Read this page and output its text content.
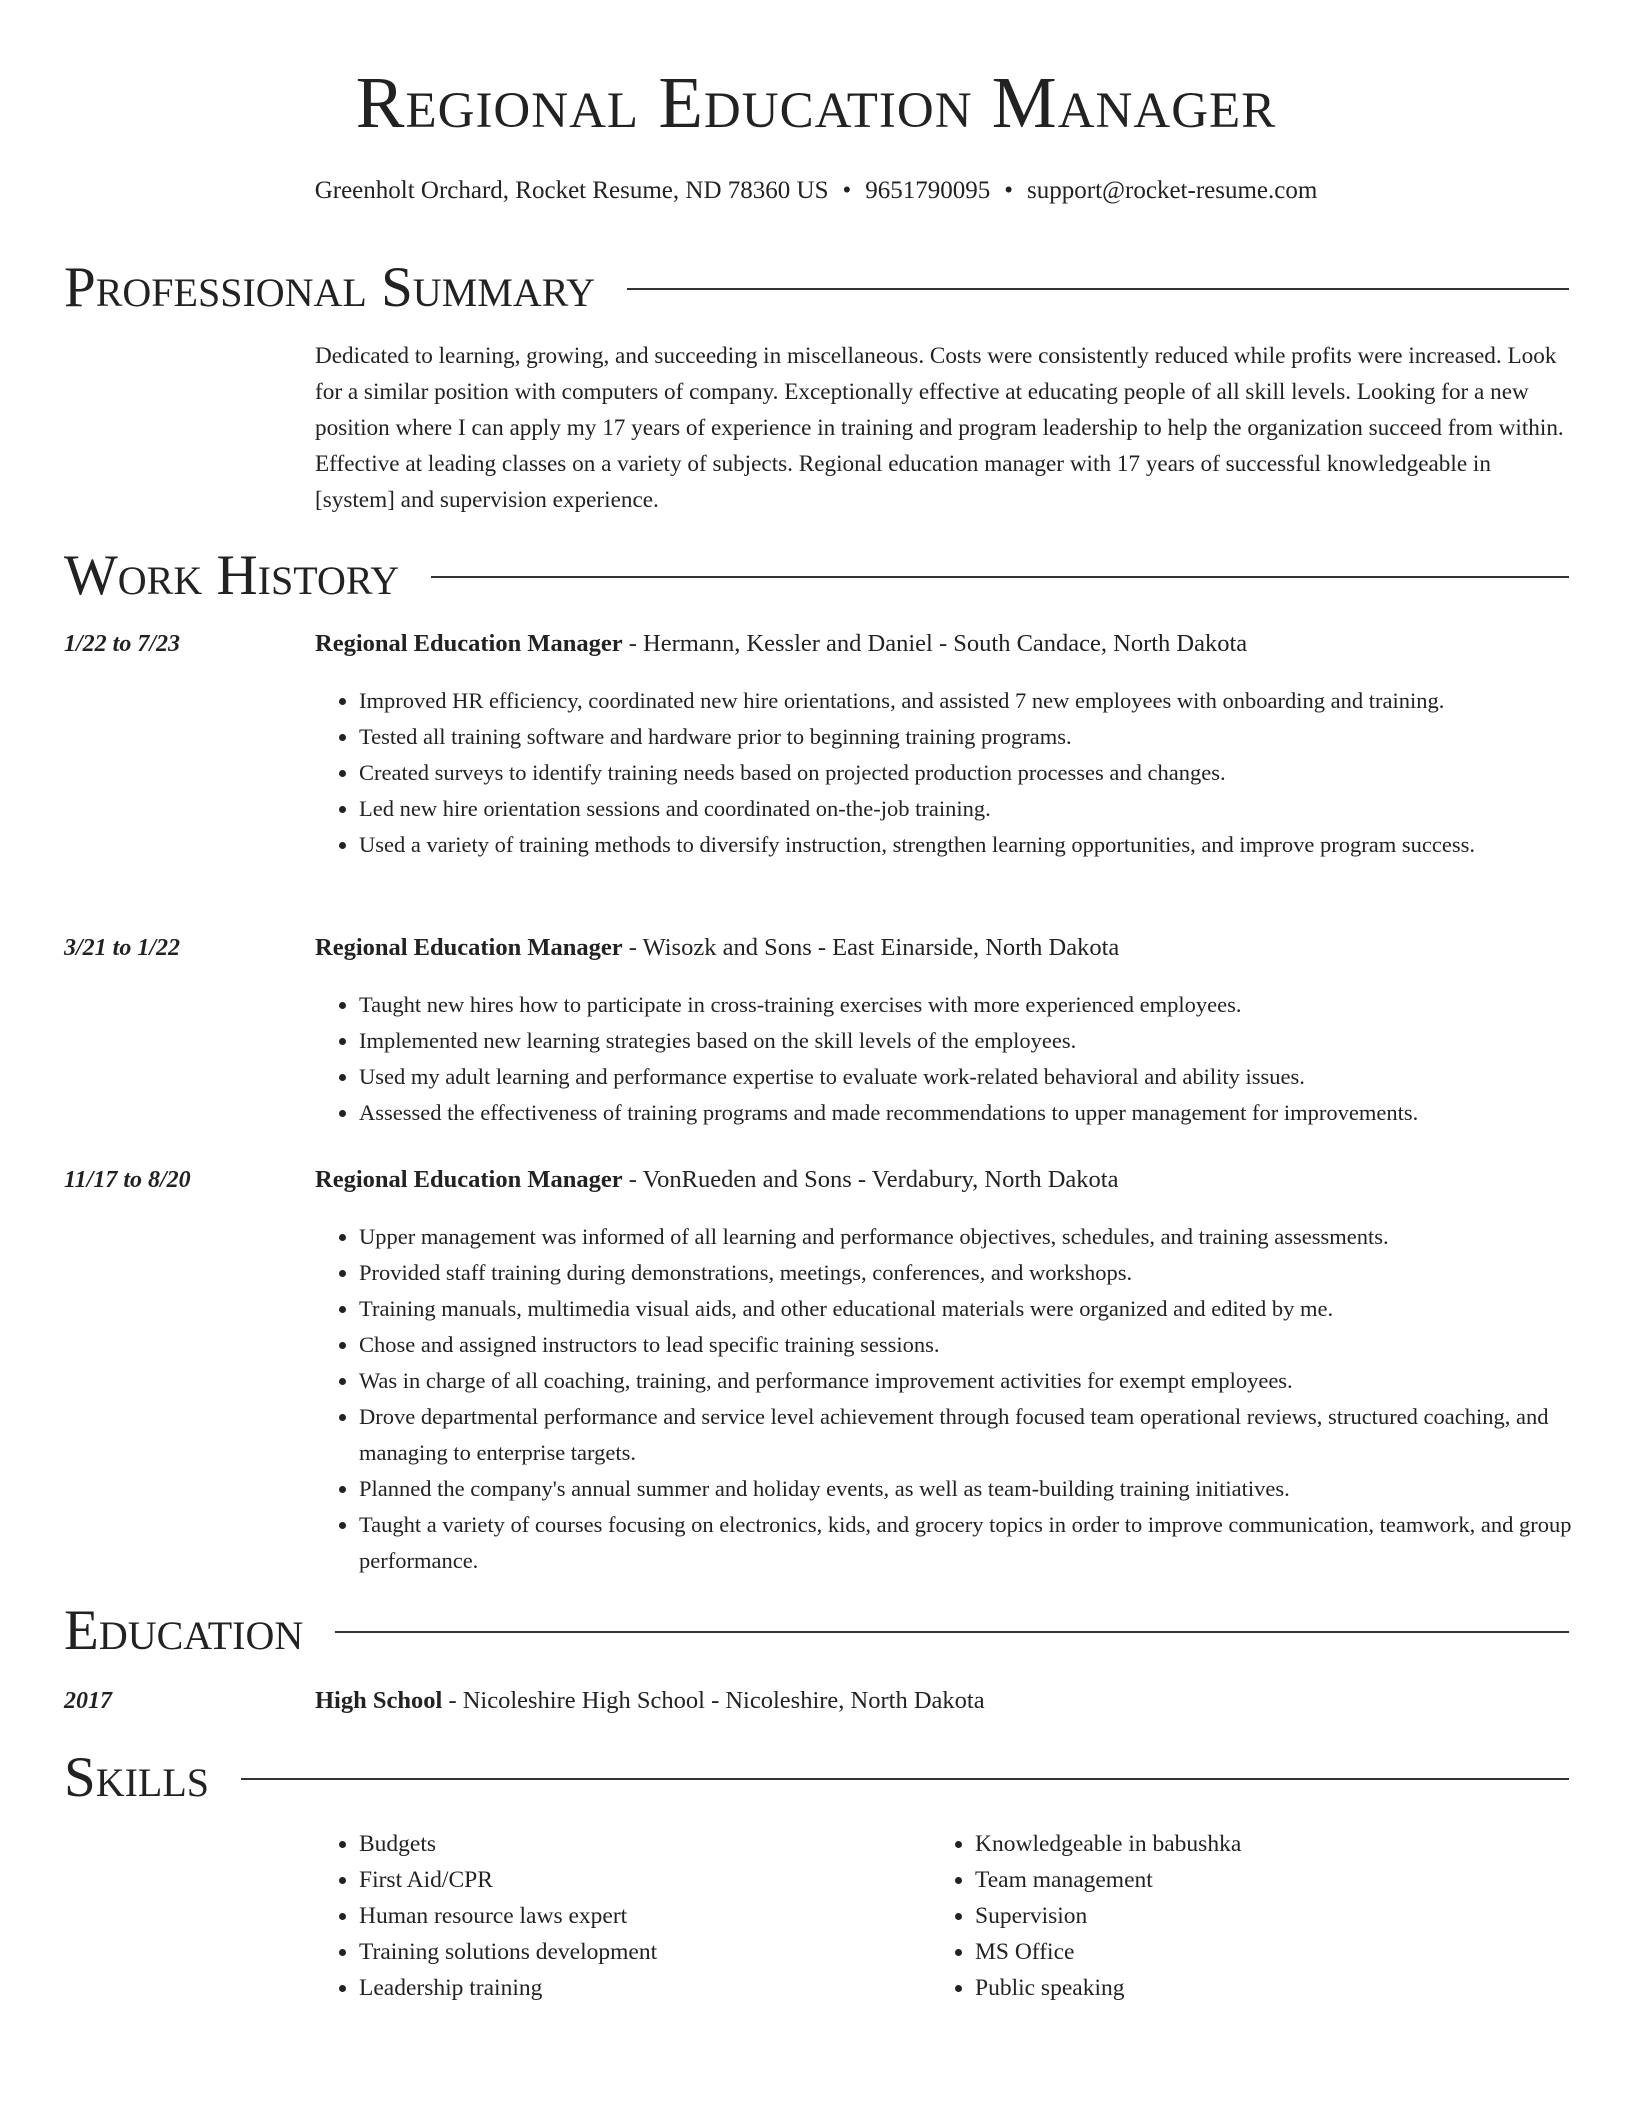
Regional Education Manager
Greenholt Orchard, Rocket Resume, ND 78360 US • 9651790095 • support@rocket-resume.com
Professional Summary
Dedicated to learning, growing, and succeeding in miscellaneous. Costs were consistently reduced while profits were increased. Look for a similar position with computers of company. Exceptionally effective at educating people of all skill levels. Looking for a new position where I can apply my 17 years of experience in training and program leadership to help the organization succeed from within. Effective at leading classes on a variety of subjects. Regional education manager with 17 years of successful knowledgeable in [system] and supervision experience.
Work History
1/22 to 7/23	Regional Education Manager - Hermann, Kessler and Daniel - South Candace, North Dakota
• Improved HR efficiency, coordinated new hire orientations, and assisted 7 new employees with onboarding and training.
• Tested all training software and hardware prior to beginning training programs.
• Created surveys to identify training needs based on projected production processes and changes.
• Led new hire orientation sessions and coordinated on-the-job training.
• Used a variety of training methods to diversify instruction, strengthen learning opportunities, and improve program success.
3/21 to 1/22	Regional Education Manager - Wisozk and Sons - East Einarside, North Dakota
• Taught new hires how to participate in cross-training exercises with more experienced employees.
• Implemented new learning strategies based on the skill levels of the employees.
• Used my adult learning and performance expertise to evaluate work-related behavioral and ability issues.
• Assessed the effectiveness of training programs and made recommendations to upper management for improvements.
11/17 to 8/20	Regional Education Manager - VonRueden and Sons - Verdabury, North Dakota
• Upper management was informed of all learning and performance objectives, schedules, and training assessments.
• Provided staff training during demonstrations, meetings, conferences, and workshops.
• Training manuals, multimedia visual aids, and other educational materials were organized and edited by me.
• Chose and assigned instructors to lead specific training sessions.
• Was in charge of all coaching, training, and performance improvement activities for exempt employees.
• Drove departmental performance and service level achievement through focused team operational reviews, structured coaching, and managing to enterprise targets.
• Planned the company's annual summer and holiday events, as well as team-building training initiatives.
• Taught a variety of courses focusing on electronics, kids, and grocery topics in order to improve communication, teamwork, and group performance.
Education
2017	High School - Nicoleshire High School - Nicoleshire, North Dakota
Skills
• Budgets
• First Aid/CPR
• Human resource laws expert
• Training solutions development
• Leadership training
• Knowledgeable in babushka
• Team management
• Supervision
• MS Office
• Public speaking
